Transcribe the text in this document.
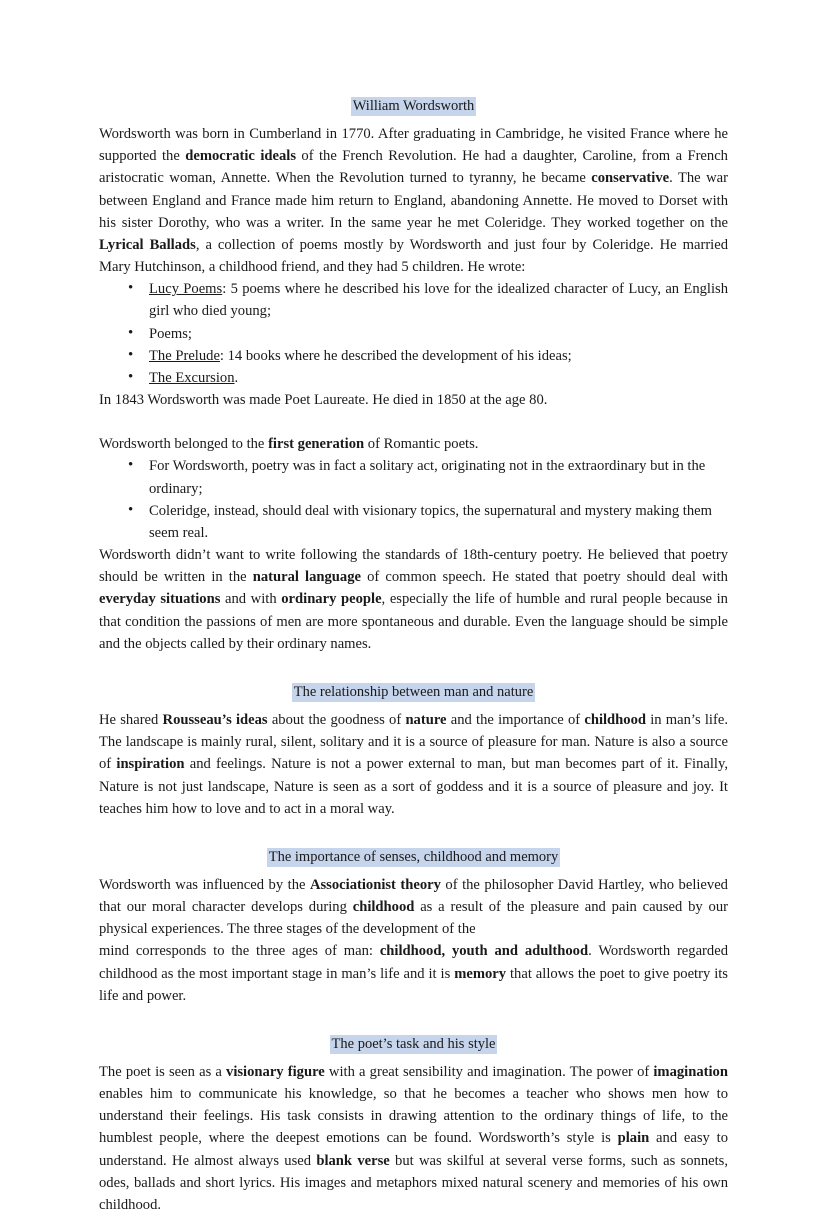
William Wordsworth

Wordsworth was born in Cumberland in 1770. After graduating in Cambridge, he visited France where he supported the democratic ideals of the French Revolution. He had a daughter, Caroline, from a French aristocratic woman, Annette. When the Revolution turned to tyranny, he became conservative. The war between England and France made him return to England, abandoning Annette. He moved to Dorset with his sister Dorothy, who was a writer. In the same year he met Coleridge. They worked together on the Lyrical Ballads, a collection of poems mostly by Wordsworth and just four by Coleridge. He married Mary Hutchinson, a childhood friend, and they had 5 children. He wrote:

• Lucy Poems: 5 poems where he described his love for the idealized character of Lucy, an English girl who died young;
• Poems;
• The Prelude: 14 books where he described the development of his ideas;
• The Excursion.

In 1843 Wordsworth was made Poet Laureate. He died in 1850 at the age 80.

Wordsworth belonged to the first generation of Romantic poets.

• For Wordsworth, poetry was in fact a solitary act, originating not in the extraordinary but in the ordinary;
• Coleridge, instead, should deal with visionary topics, the supernatural and mystery making them seem real.

Wordsworth didn’t want to write following the standards of 18th-century poetry. He believed that poetry should be written in the natural language of common speech. He stated that poetry should deal with everyday situations and with ordinary people, especially the life of humble and rural people because in that condition the passions of men are more spontaneous and durable. Even the language should be simple and the objects called by their ordinary names.

The relationship between man and nature

He shared Rousseau’s ideas about the goodness of nature and the importance of childhood in man’s life. The landscape is mainly rural, silent, solitary and it is a source of pleasure for man. Nature is also a source of inspiration and feelings. Nature is not a power external to man, but man becomes part of it. Finally, Nature is not just landscape, Nature is seen as a sort of goddess and it is a source of pleasure and joy. It teaches him how to love and to act in a moral way.

The importance of senses, childhood and memory

Wordsworth was influenced by the Associationist theory of the philosopher David Hartley, who believed that our moral character develops during childhood as a result of the pleasure and pain caused by our physical experiences. The three stages of the development of the

mind corresponds to the three ages of man: childhood, youth and adulthood. Wordsworth regarded childhood as the most important stage in man’s life and it is memory that allows the poet to give poetry its life and power.

The poet’s task and his style

The poet is seen as a visionary figure with a great sensibility and imagination. The power of imagination enables him to communicate his knowledge, so that he becomes a teacher who shows men how to understand their feelings. His task consists in drawing attention to the ordinary things of life, to the humblest people, where the deepest emotions can be found. Wordsworth’s style is plain and easy to understand. He almost always used blank verse but was skilful at several verse forms, such as sonnets, odes, ballads and short lyrics. His images and metaphors mixed natural scenery and memories of his own childhood.
